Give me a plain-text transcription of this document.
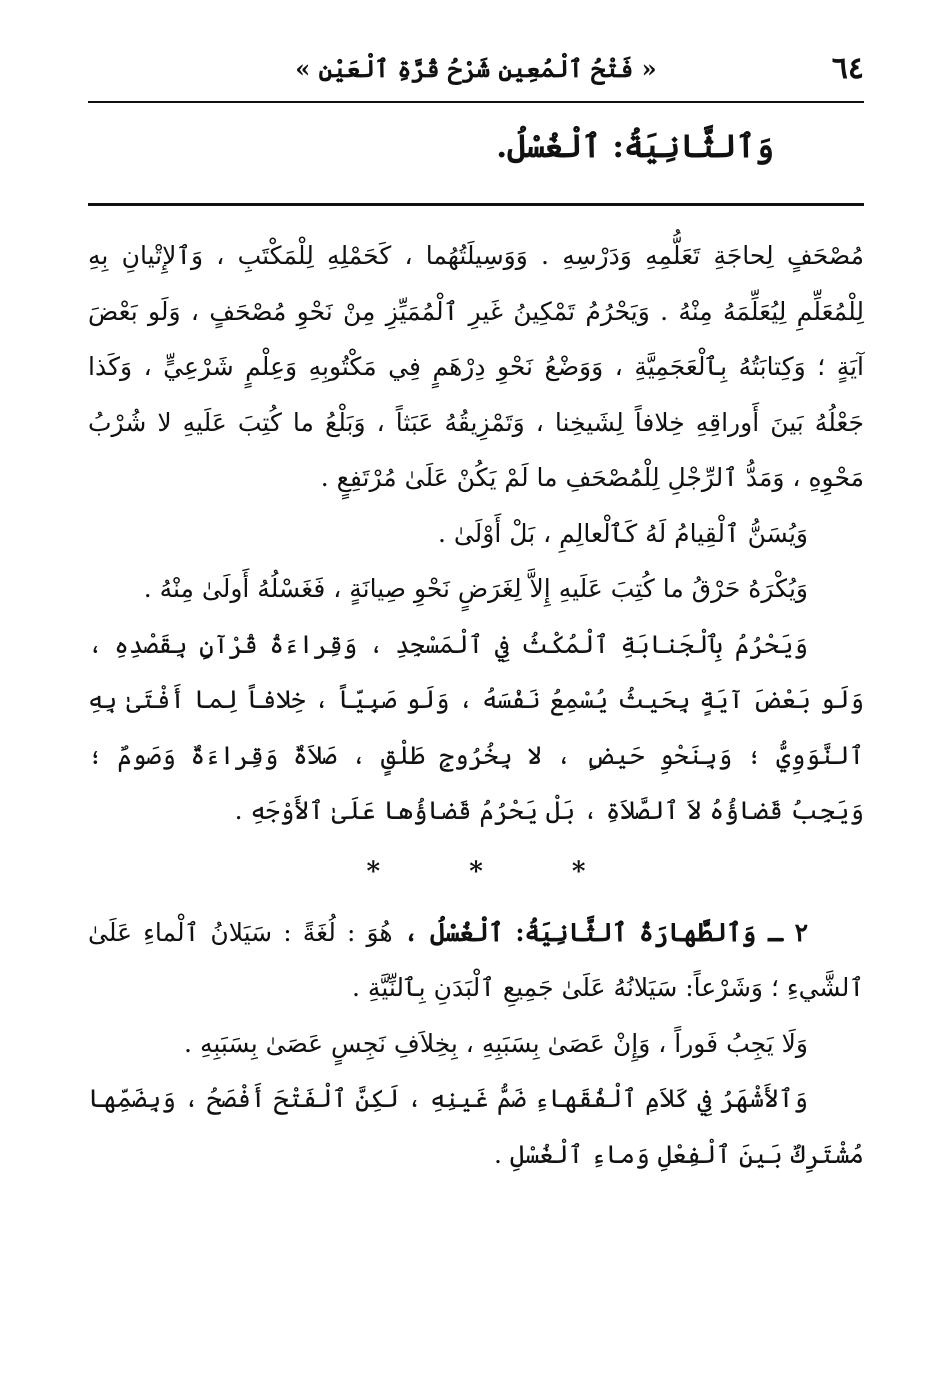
٦٤
« فَتْحُ ٱلْمُعِينِ شَرْحُ قُرَّةِ ٱلْعَيْنِ »
وَٱلثَّانِيَةُ: ٱلْغُسْلُ.

مُصْحَفٍ لِحاجَةِ تَعَلُّمِهِ وَدَرْسِهِ . وَوَسِيلَتُهُما ، كَحَمْلِهِ لِلْمَكْتَبِ ، وَٱلإِتْيانِ بِهِ لِلْمُعَلِّمِ لِيُعَلِّمَهُ مِنْهُ . وَيَحْرُمُ تَمْكِينُ غَيرِ ٱلْمُمَيِّزِ مِنْ نَحْوِ مُصْحَفٍ ، وَلَو بَعْضَ آيَةٍ ؛ وَكِتابَتُهُ بِٱلْعَجَمِيَّةِ ، وَوَضْعُ نَحْوِ دِرْهَمٍ فِي مَكْتُوبِهِ وَعِلْمٍ شَرْعِيٍّ ، وَكَذا جَعْلُهُ بَينَ أَوراقِهِ خِلافاً لِشَيخِنا ، وَتَمْزِيقُهُ عَبَثاً ، وَبَلْعُ ما كُتِبَ عَلَيهِ لا شُرْبُ مَحْوِهِ ، وَمَدُّ ٱلرِّجْلِ لِلْمُصْحَفِ ما لَمْ يَكُنْ عَلَىٰ مُرْتَفِعٍ .

وَيُسَنُّ ٱلْقِيامُ لَهُ كَٱلْعالِمِ ، بَلْ أَوْلَىٰ .

وَيُكْرَهُ حَرْقُ ما كُتِبَ عَلَيهِ إِلاَّ لِغَرَضٍ نَحْوِ صِيانَةٍ ، فَغَسْلُهُ أَولَىٰ مِنْهُ .

وَيَحْرُمُ بِٱلْجَنابَةِ ٱلْمُكْثُ فِي ٱلْمَسْجِدِ ، وَقِراءَةُ قُرْآنٍ بِقَصْدِهِ ، وَلَو بَعْضَ آيَةٍ بِحَيثُ يُسْمِعُ نَفْسَهُ ، وَلَو صَبِيّاً ، خِلافاً لِما أَفْتَىٰ بِهِ ٱلنَّوَوِيُّ ؛ وَبِنَحْوِ حَيضٍ ، لا بِخُرُوجِ طَلْقٍ ، صَلاَةٌ وَقِراءَةٌ وَصَومٌ ؛ وَيَجِبُ قَضاؤُهُ لاَ ٱلصَّلاَةِ ، بَلْ يَحْرُمُ قَضاؤُها عَلَىٰ ٱلأَوْجَهِ .

* * *

٢ ـ وَٱلطَّهارَةُ ٱلثَّانِيَةُ: ٱلْغُسْلُ ، هُوَ : لُغَةً : سَيَلانُ ٱلْماءِ عَلَىٰ ٱلشَّيءِ ؛ وَشَرْعاً: سَيَلانُهُ عَلَىٰ جَمِيعِ ٱلْبَدَنِ بِٱلنِّيَّةِ .

وَلَا يَجِبُ فَوراً ، وَإِنْ عَصَىٰ بِسَبَبِهِ ، بِخِلاَفِ نَجِسٍ عَصَىٰ بِسَبَبِهِ .

وَٱلأَشْهَرُ فِي كَلاَمِ ٱلْفُقَهاءِ ضَمُّ غَينِهِ ، لَكِنَّ ٱلْفَتْحَ أَفْصَحُ ، وَبِضَمِّها مُشْتَرِكٌ بَينَ ٱلْفِعْلِ وَماءِ ٱلْغُسْلِ .
